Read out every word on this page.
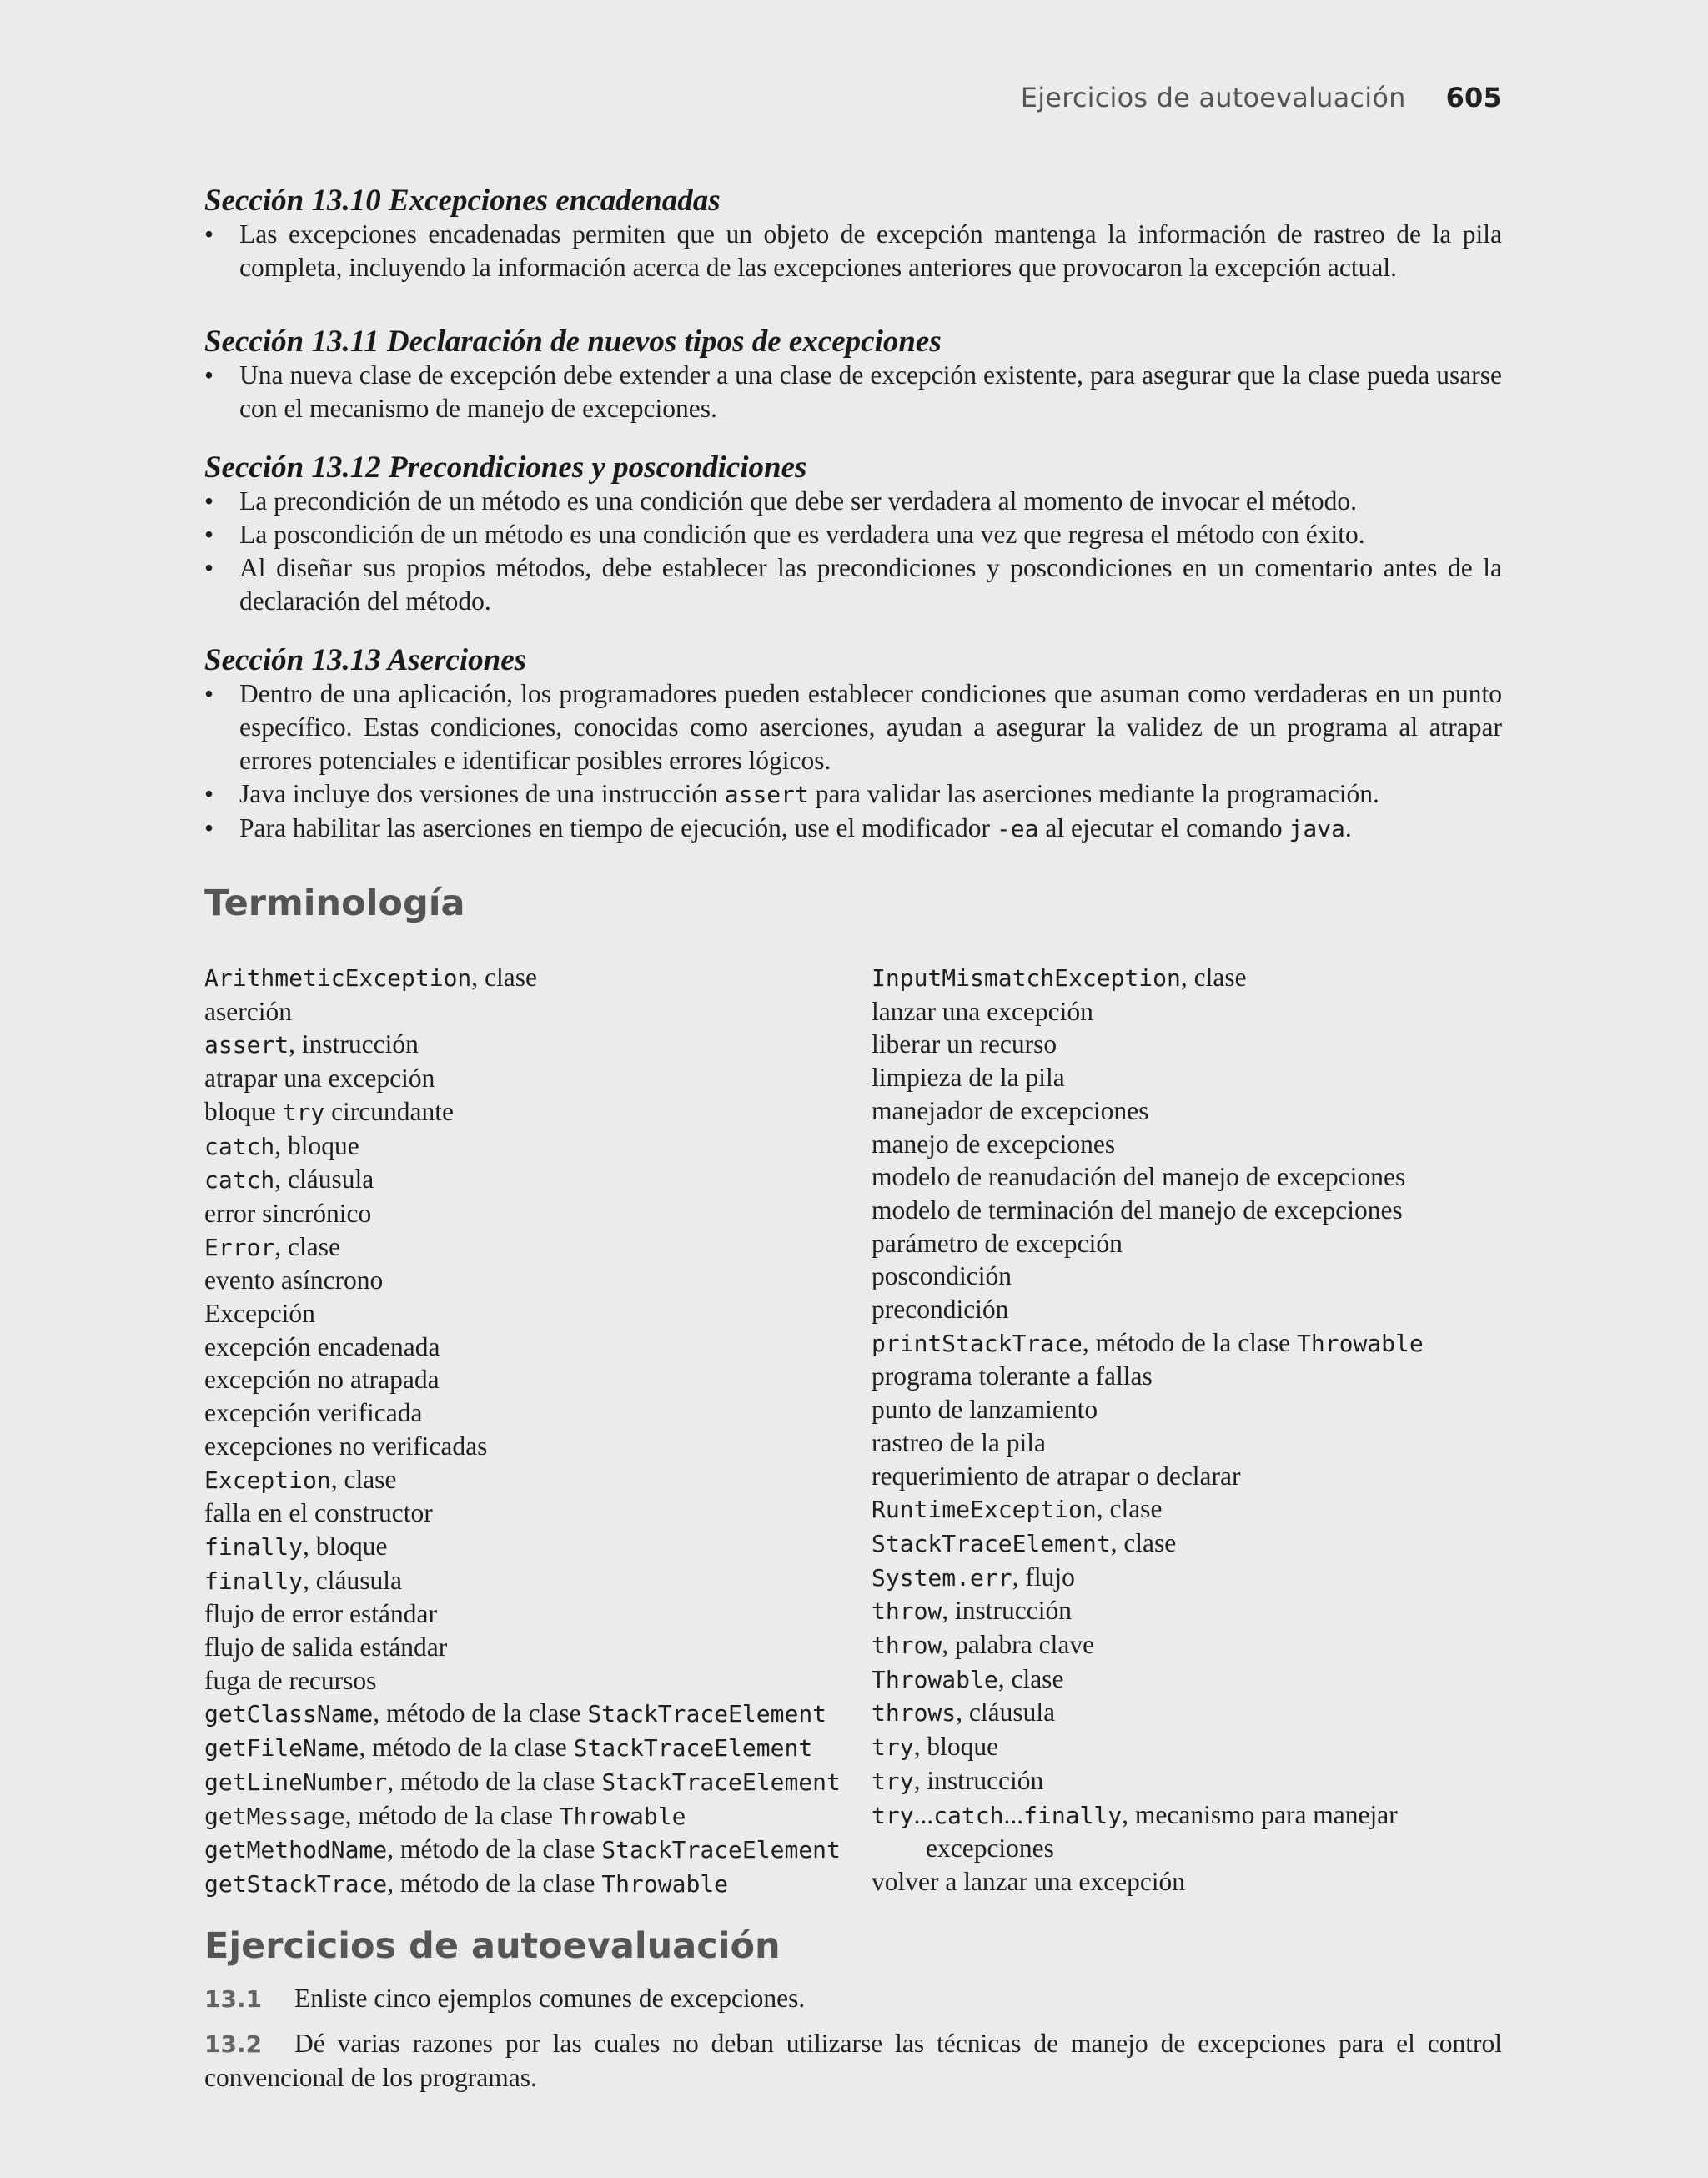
Ejercicios de autoevaluación 605

Sección 13.10 Excepciones encadenadas

• Las excepciones encadenadas permiten que un objeto de excepción mantenga la información de rastreo de la pila completa, incluyendo la información acerca de las excepciones anteriores que provocaron la excepción actual.

Sección 13.11 Declaración de nuevos tipos de excepciones

• Una nueva clase de excepción debe extender a una clase de excepción existente, para asegurar que la clase pueda usarse con el mecanismo de manejo de excepciones.

Sección 13.12 Precondiciones y poscondiciones

• La precondición de un método es una condición que debe ser verdadera al momento de invocar el método.
• La poscondición de un método es una condición que es verdadera una vez que regresa el método con éxito.
• Al diseñar sus propios métodos, debe establecer las precondiciones y poscondiciones en un comentario antes de la declaración del método.

Sección 13.13 Aserciones

• Dentro de una aplicación, los programadores pueden establecer condiciones que asuman como verdaderas en un punto específico. Estas condiciones, conocidas como aserciones, ayudan a asegurar la validez de un programa al atrapar errores potenciales e identificar posibles errores lógicos.
• Java incluye dos versiones de una instrucción assert para validar las aserciones mediante la programación.
• Para habilitar las aserciones en tiempo de ejecución, use el modificador -ea al ejecutar el comando java.
Terminología
ArithmeticException, clase
aserción
assert, instrucción
atrapar una excepción
bloque try circundante
catch, bloque
catch, cláusula
error sincrónico
Error, clase
evento asíncrono
Excepción
excepción encadenada
excepción no atrapada
excepción verificada
excepciones no verificadas
Exception, clase
falla en el constructor
finally, bloque
finally, cláusula
flujo de error estándar
flujo de salida estándar
fuga de recursos
getClassName, método de la clase StackTraceElement
getFileName, método de la clase StackTraceElement
getLineNumber, método de la clase StackTraceElement
getMessage, método de la clase Throwable
getMethodName, método de la clase StackTraceElement
getStackTrace, método de la clase Throwable
InputMismatchException, clase
lanzar una excepción
liberar un recurso
limpieza de la pila
manejador de excepciones
manejo de excepciones
modelo de reanudación del manejo de excepciones
modelo de terminación del manejo de excepciones
parámetro de excepción
poscondición
precondición
printStackTrace, método de la clase Throwable
programa tolerante a fallas
punto de lanzamiento
rastreo de la pila
requerimiento de atrapar o declarar
RuntimeException, clase
StackTraceElement, clase
System.err, flujo
throw, instrucción
throw, palabra clave
Throwable, clase
throws, cláusula
try, bloque
try, instrucción
try...catch...finally, mecanismo para manejar excepciones
volver a lanzar una excepción
Ejercicios de autoevaluación
13.1 Enliste cinco ejemplos comunes de excepciones.
13.2 Dé varias razones por las cuales no deban utilizarse las técnicas de manejo de excepciones para el control convencional de los programas.
